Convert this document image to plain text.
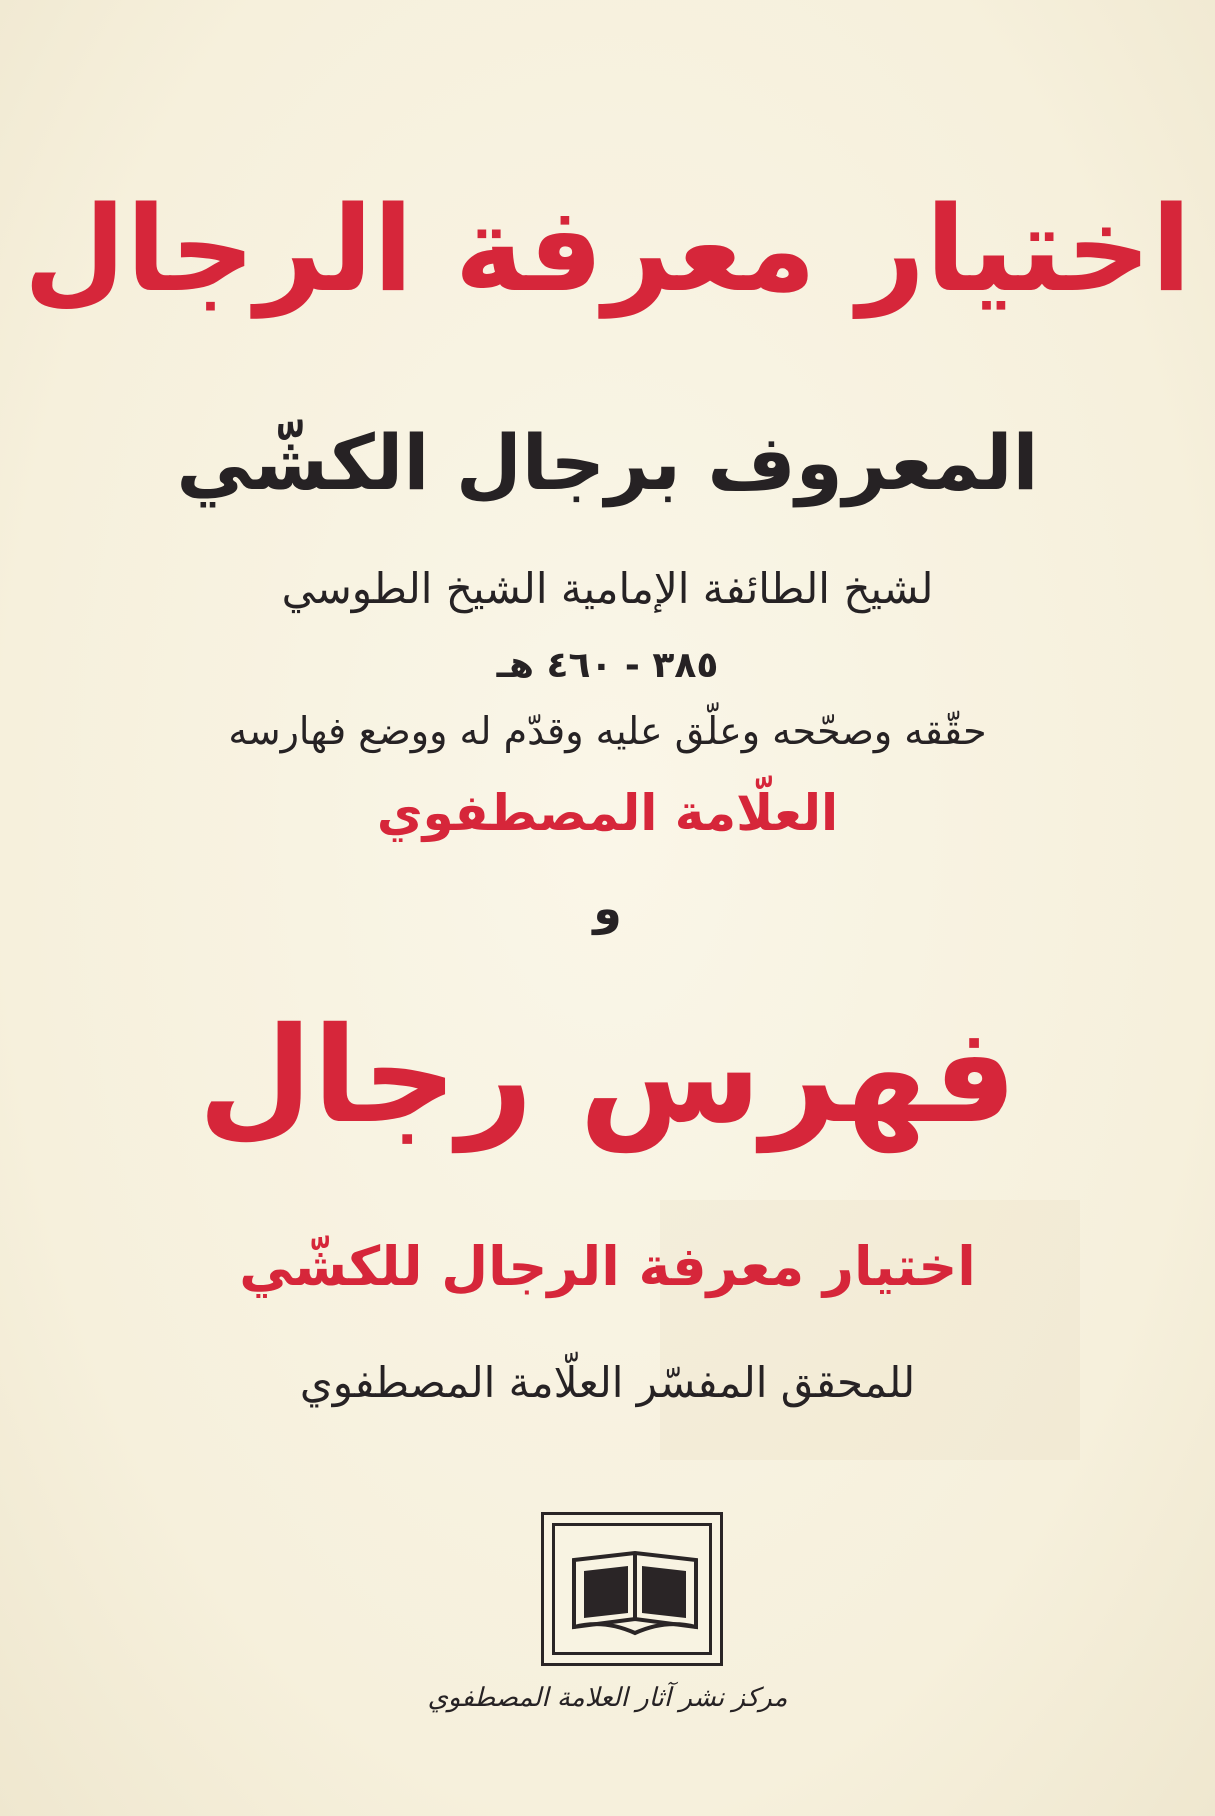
اختيار معرفة الرجال
المعروف برجال الكشّي
لشيخ الطائفة الإمامية الشيخ الطوسي
٣٨٥ - ٤٦٠ هـ
حقّقه وصحّحه وعلّق عليه وقدّم له ووضع فهارسه
العلّامة المصطفوي
و
فهرس رجال
اختيار معرفة الرجال للكشّي
للمحقق المفسّر العلّامة المصطفوي
مركز نشر آثار العلامة المصطفوي
